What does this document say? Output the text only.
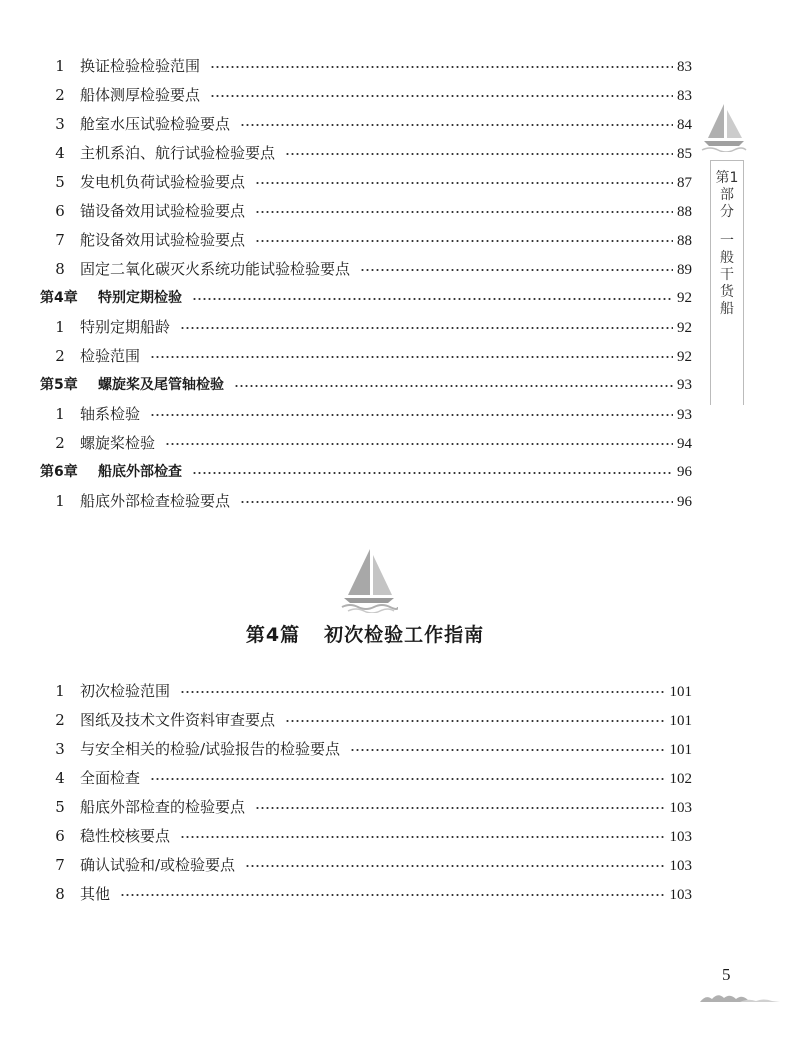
1	换证检验检验范围	83
2	船体测厚检验要点	83
3	舱室水压试验检验要点	84
4	主机系泊、航行试验检验要点	85
5	发电机负荷试验检验要点	87
6	锚设备效用试验检验要点	88
7	舵设备效用试验检验要点	88
8	固定二氧化碳灭火系统功能试验检验要点	89
第4章	特别定期检验	92
1	特别定期船龄	92
2	检验范围	92
第5章	螺旋桨及尾管轴检验	93
1	轴系检验	93
2	螺旋桨检验	94
第6章	船底外部检查	96
1	船底外部检查检验要点	96
第4篇 初次检验工作指南
1	初次检验范围	101
2	图纸及技术文件资料审查要点	101
3	与安全相关的检验/试验报告的检验要点	101
4	全面检查	102
5	船底外部检查的检验要点	103
6	稳性校核要点	103
7	确认试验和/或检验要点	103
8	其他	103
第1部分
一般干货船
5
